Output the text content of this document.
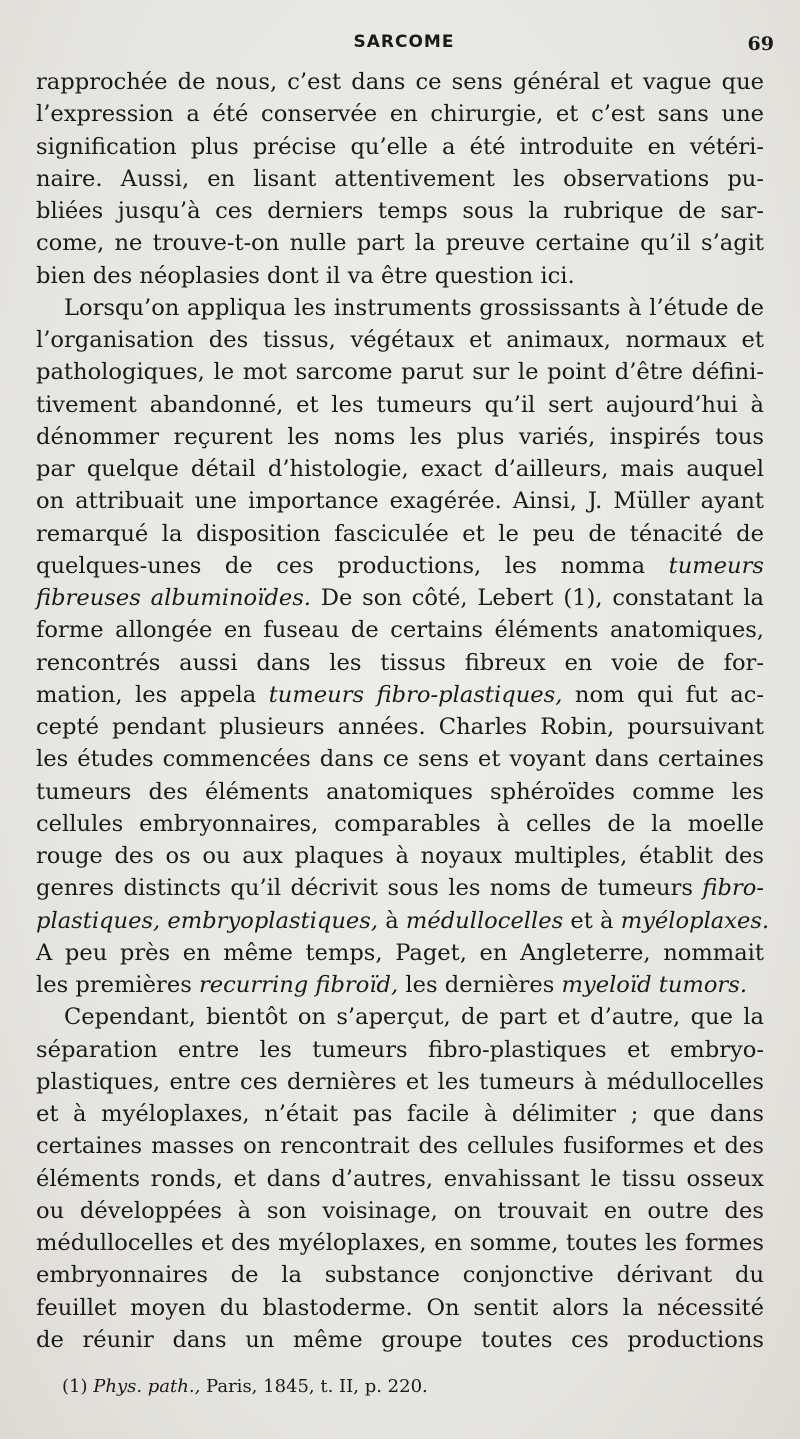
SARCOME	69
rapprochée de nous, c’est dans ce sens général et vague que
l’expression a été conservée en chirurgie, et c’est sans une
signification plus précise qu’elle a été introduite en vétéri-
naire. Aussi, en lisant attentivement les observations pu-
bliées jusqu’à ces derniers temps sous la rubrique de sar-
come, ne trouve-t-on nulle part la preuve certaine qu’il s’agit
bien des néoplasies dont il va être question ici.
Lorsqu’on appliqua les instruments grossissants à l’étude de
l’organisation des tissus, végétaux et animaux, normaux et
pathologiques, le mot sarcome parut sur le point d’être défini-
tivement abandonné, et les tumeurs qu’il sert aujourd’hui à
dénommer reçurent les noms les plus variés, inspirés tous
par quelque détail d’histologie, exact d’ailleurs, mais auquel
on attribuait une importance exagérée. Ainsi, J. Müller ayant
remarqué la disposition fasciculée et le peu de ténacité de
quelques-unes de ces productions, les nomma tumeurs
fibreuses albuminoïdes. De son côté, Lebert (1), constatant la
forme allongée en fuseau de certains éléments anatomiques,
rencontrés aussi dans les tissus fibreux en voie de for-
mation, les appela tumeurs fibro-plastiques, nom qui fut ac-
cepté pendant plusieurs années. Charles Robin, poursuivant
les études commencées dans ce sens et voyant dans certaines
tumeurs des éléments anatomiques sphéroïdes comme les
cellules embryonnaires, comparables à celles de la moelle
rouge des os ou aux plaques à noyaux multiples, établit des
genres distincts qu’il décrivit sous les noms de tumeurs fibro-
plastiques, embryoplastiques, à médullocelles et à myéloplaxes.
A peu près en même temps, Paget, en Angleterre, nommait
les premières recurring fibroïd, les dernières myeloïd tumors.
Cependant, bientôt on s’aperçut, de part et d’autre, que la
séparation entre les tumeurs fibro-plastiques et embryo-
plastiques, entre ces dernières et les tumeurs à médullocelles
et à myéloplaxes, n’était pas facile à délimiter ; que dans
certaines masses on rencontrait des cellules fusiformes et des
éléments ronds, et dans d’autres, envahissant le tissu osseux
ou développées à son voisinage, on trouvait en outre des
médullocelles et des myéloplaxes, en somme, toutes les formes
embryonnaires de la substance conjonctive dérivant du
feuillet moyen du blastoderme. On sentit alors la nécessité
de réunir dans un même groupe toutes ces productions
(1) Phys. path., Paris, 1845, t. II, p. 220.
